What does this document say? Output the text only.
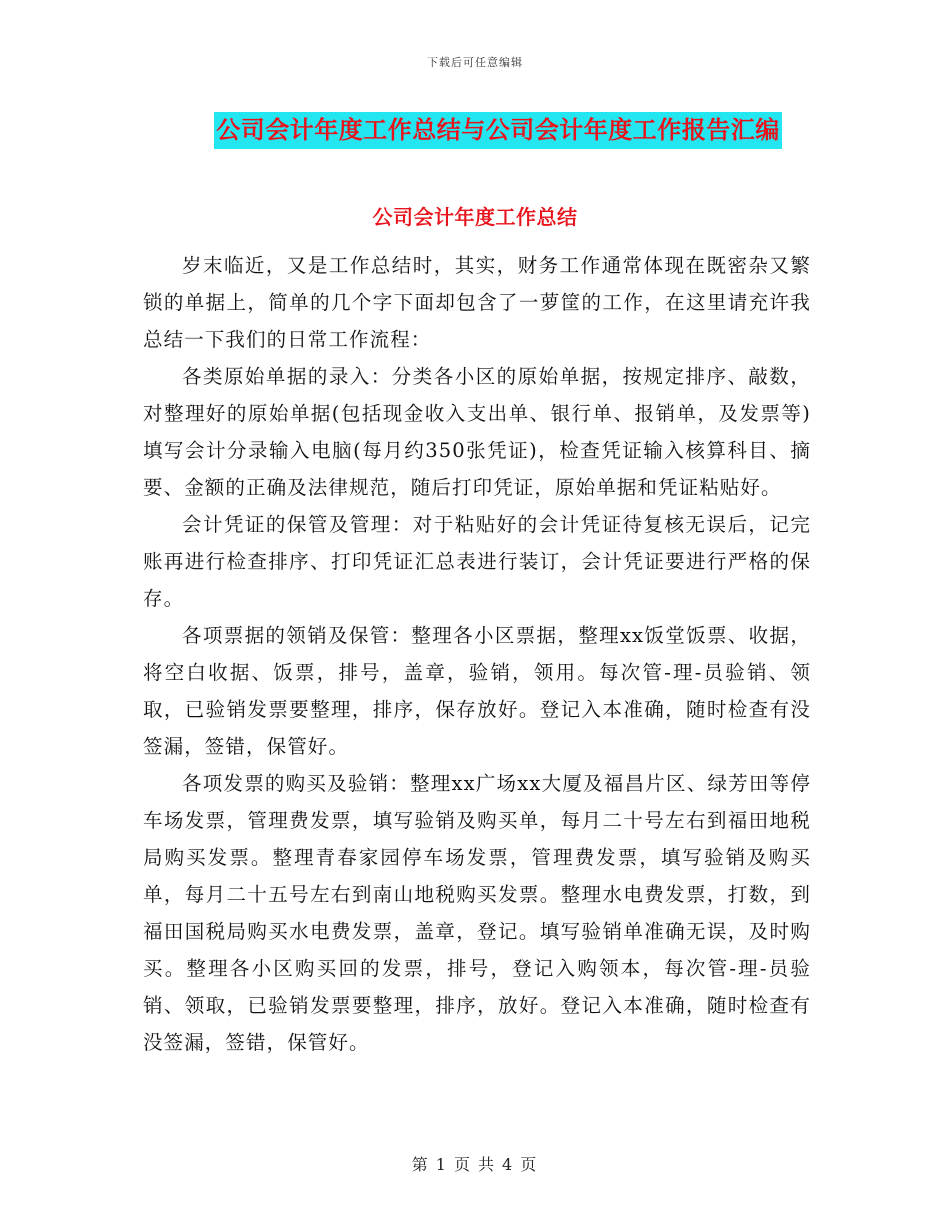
下载后可任意编辑
公司会计年度工作总结与公司会计年度工作报告汇编
公司会计年度工作总结

岁末临近，又是工作总结时，其实，财务工作通常体现在既密杂又繁锁的单据上，简单的几个字下面却包含了一萝筐的工作，在这里请充许我总结一下我们的日常工作流程：

各类原始单据的录入：分类各小区的原始单据，按规定排序、敲数，对整理好的原始单据(包括现金收入支出单、银行单、报销单，及发票等)填写会计分录输入电脑(每月约350张凭证)，检查凭证输入核算科目、摘要、金额的正确及法律规范，随后打印凭证，原始单据和凭证粘贴好。

会计凭证的保管及管理：对于粘贴好的会计凭证待复核无误后，记完账再进行检查排序、打印凭证汇总表进行装订，会计凭证要进行严格的保存。

各项票据的领销及保管：整理各小区票据，整理xx饭堂饭票、收据，将空白收据、饭票，排号，盖章，验销，领用。每次管-理-员验销、领取，已验销发票要整理，排序，保存放好。登记入本准确，随时检查有没签漏，签错，保管好。

各项发票的购买及验销：整理xx广场xx大厦及福昌片区、绿芳田等停车场发票，管理费发票，填写验销及购买单，每月二十号左右到福田地税局购买发票。整理青春家园停车场发票，管理费发票，填写验销及购买单，每月二十五号左右到南山地税购买发票。整理水电费发票，打数，到福田国税局购买水电费发票，盖章，登记。填写验销单准确无误，及时购买。整理各小区购买回的发票，排号，登记入购领本，每次管-理-员验销、领取，已验销发票要整理，排序，放好。登记入本准确，随时检查有没签漏，签错，保管好。

第 1 页 共 4 页
